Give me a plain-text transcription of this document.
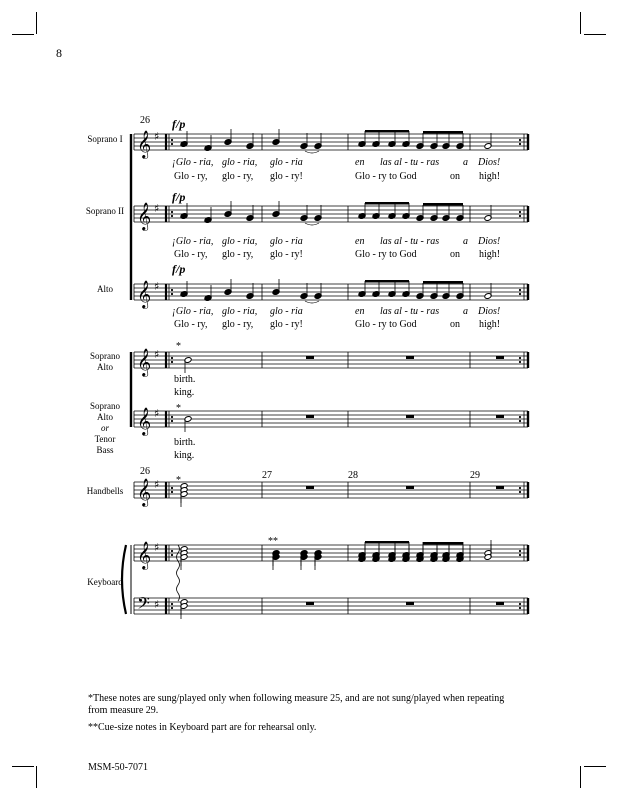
8
Soprano I
Soprano II
Alto
Soprano
Alto
Soprano
Alto
or
Tenor
Bass
Handbells
Keyboard
26
26	27	28	29
f/p
f/p
f/p
¡Glo - ria, glo - ria, glo - ria	en las al - tu - ras a Dios!
Glo - ry, glo - ry, glo - ry!	Glo - ry to God	on high!
¡Glo - ria, glo - ria, glo - ria	en las al - tu - ras a Dios!
Glo - ry, glo - ry, glo - ry!	Glo - ry to God	on high!
¡Glo - ria, glo - ria, glo - ria	en las al - tu - ras a Dios!
Glo - ry, glo - ry, glo - ry!	Glo - ry to God	on high!
birth.
king.
birth.
king.
*
*
*
**
𝄞 ♯
𝄞 ♯
𝄞 ♯
𝄞 ♯
𝄞 ♯
𝄞 ♯
𝄞 ♯
𝄢 ♯
*These notes are sung/played only when following measure 25, and are not sung/played when repeating
from measure 29.
**Cue-size notes in Keyboard part are for rehearsal only.
MSM-50-7071
